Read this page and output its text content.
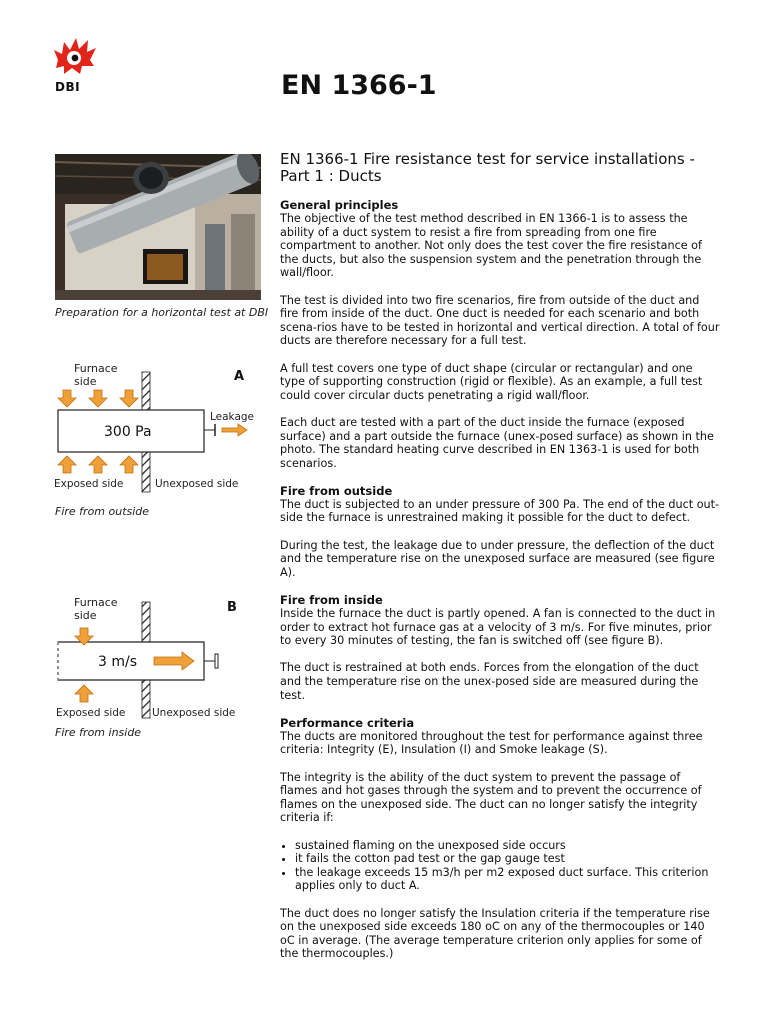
DBI	EN 1366-1
Preparation for a horizontal test at DBI
Furnace
side	A
300 Pa
Leakage
Exposed side	Unexposed side
Fire from outside
Furnace
side
B
3 m/s
Exposed side	Unexposed side
Fire from inside
EN 1366-1 Fire resistance test for service installations -Part 1 : Ducts
General principles

The objective of the test method described in EN 1366-1 is to assess the ability of a duct system to resist a fire from spreading from one fire compartment to another. Not only does the test cover the fire resistance of the ducts, but also the suspension system and the penetration through the wall/floor.

The test is divided into two fire scenarios, fire from outside of the duct and fire from inside of the duct. One duct is needed for each scenario and both scena-rios have to be tested in horizontal and vertical direction. A total of four ducts are therefore necessary for a full test.

A full test covers one type of duct shape (circular or rectangular) and one type of supporting construction (rigid or flexible). As an example, a full test could cover circular ducts penetrating a rigid wall/floor.

Each duct are tested with a part of the duct inside the furnace (exposed surface) and a part outside the furnace (unex-posed surface) as shown in the photo. The standard heating curve described in EN 1363-1 is used for both scenarios.

Fire from outside

The duct is subjected to an under pressure of 300 Pa. The end of the duct out-side the furnace is unrestrained making it possible for the duct to defect.

During the test, the leakage due to under pressure, the deflection of the duct and the temperature rise on the unexposed surface are measured (see figure A).

Fire from inside

Inside the furnace the duct is partly opened. A fan is connected to the duct in order to extract hot furnace gas at a velocity of 3 m/s. For five minutes, prior to every 30 minutes of testing, the fan is switched off (see figure B).

The duct is restrained at both ends. Forces from the elongation of the duct and the temperature rise on the unex-posed side are measured during the test.

Performance criteria

The ducts are monitored throughout the test for performance against three criteria: Integrity (E), Insulation (I) and Smoke leakage (S).

The integrity is the ability of the duct system to prevent the passage of flames and hot gases through the system and to prevent the occurrence of flames on the unexposed side. The duct can no longer satisfy the integrity criteria if:

• sustained flaming on the unexposed side occurs
• it fails the cotton pad test or the gap gauge test
• the leakage exceeds 15 m3/h per m2 exposed duct surface. This criterion applies only to duct A.

The duct does no longer satisfy the Insulation criteria if the temperature rise on the unexposed side exceeds 180 oC on any of the thermocouples or 140 oC in average. (The average temperature criterion only applies for some of the thermocouples.)
